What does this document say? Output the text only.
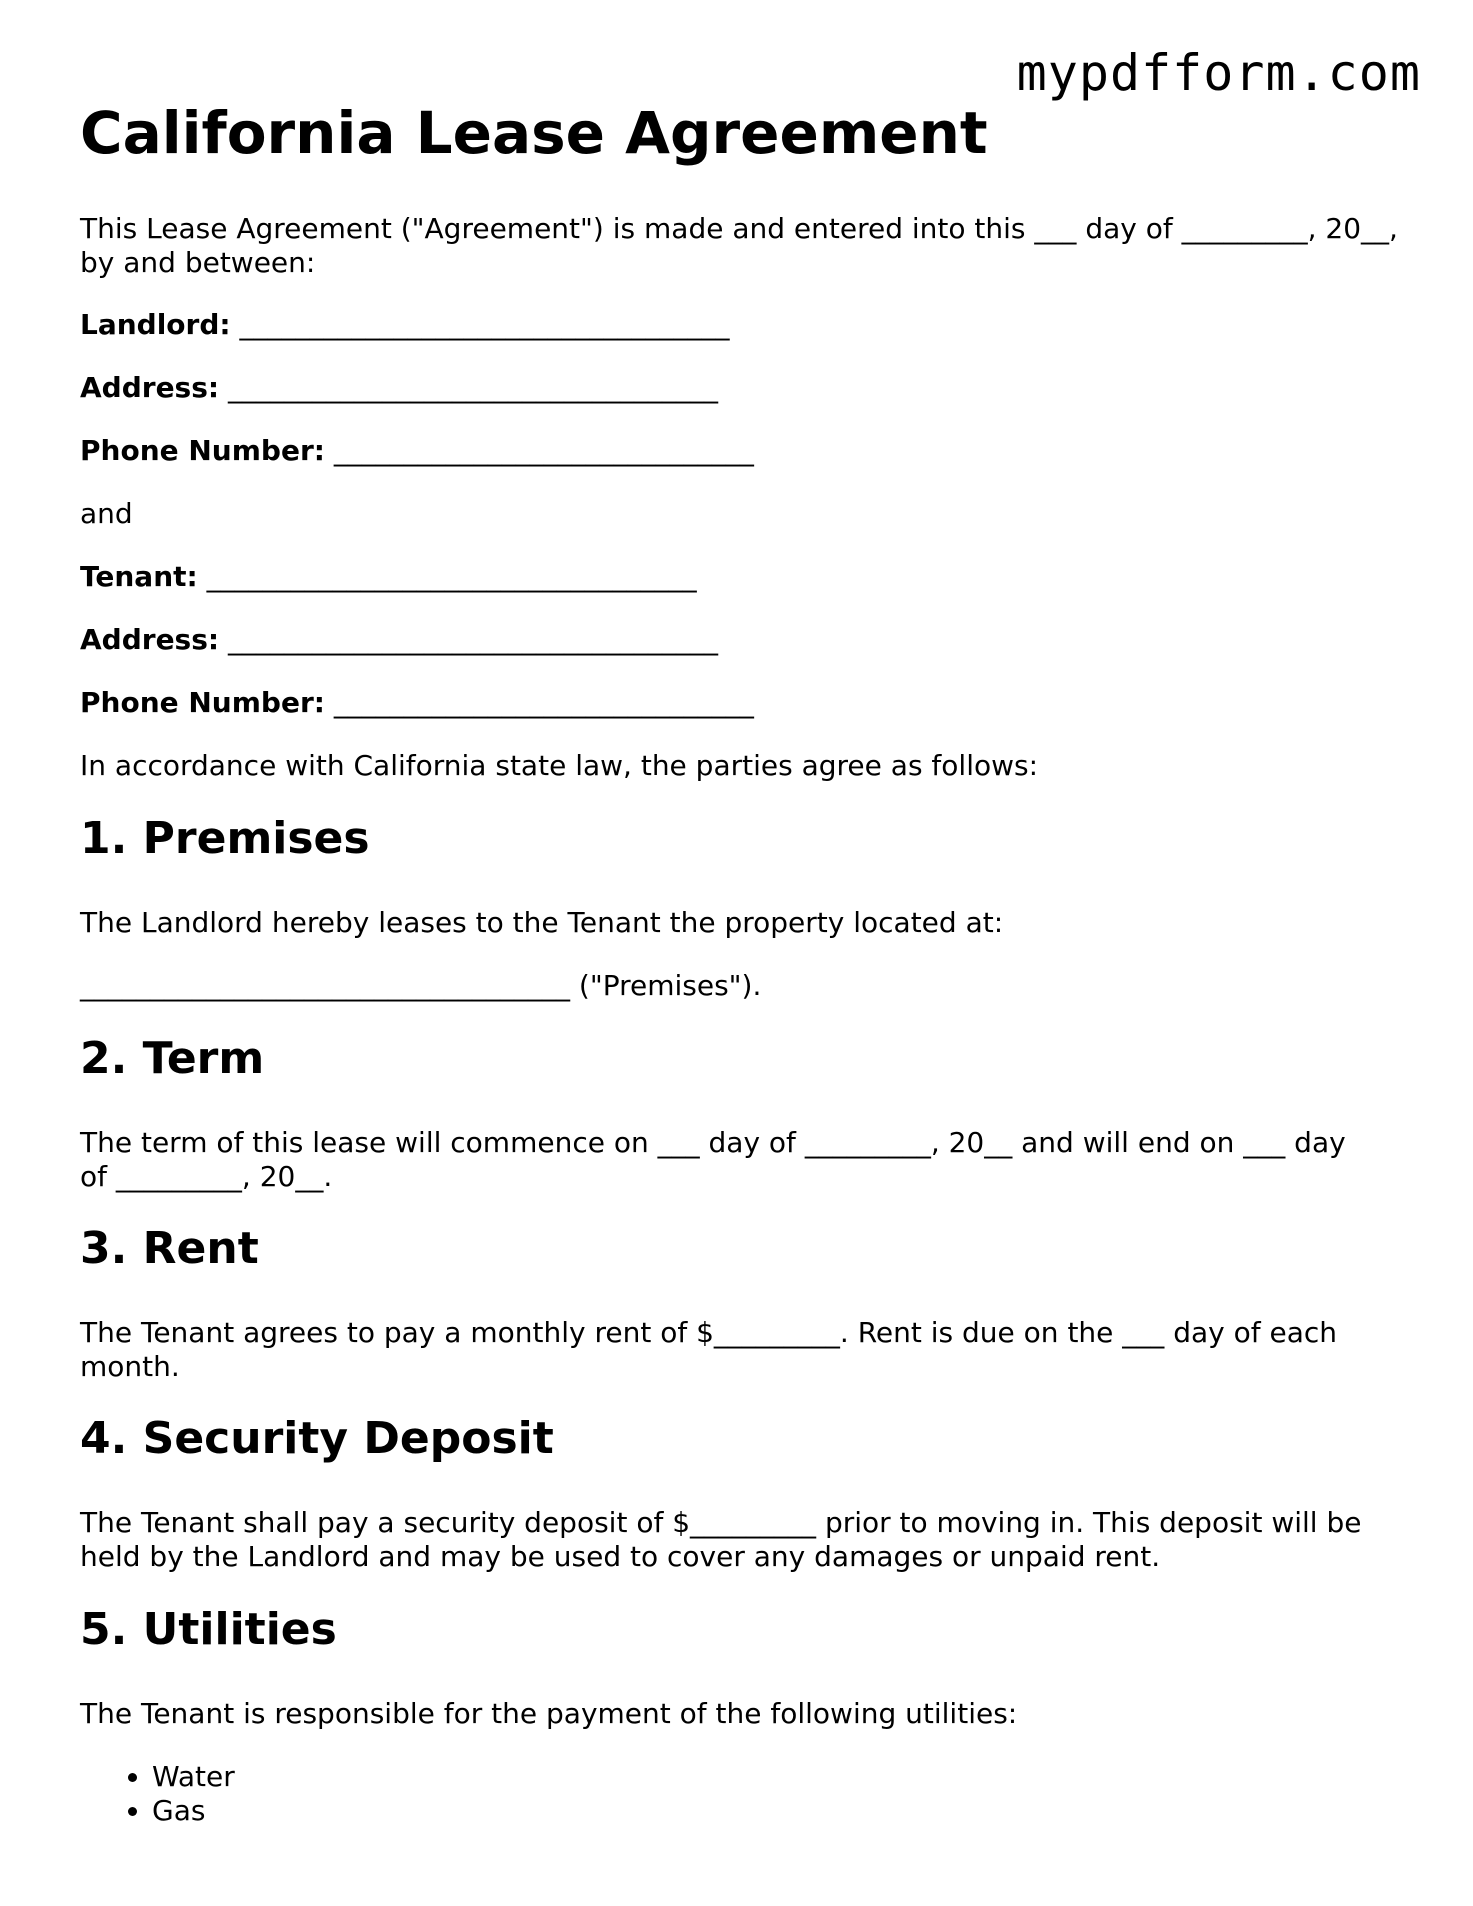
mypdfform.com
California Lease Agreement

This Lease Agreement ("Agreement") is made and entered into this ___ day of _________, 20__, by and between:

Landlord: ___________________________________

Address: ___________________________________

Phone Number: ______________________________

and

Tenant: ___________________________________

Address: ___________________________________

Phone Number: ______________________________

In accordance with California state law, the parties agree as follows:

1. Premises

The Landlord hereby leases to the Tenant the property located at:

___________________________________ ("Premises").

2. Term

The term of this lease will commence on ___ day of _________, 20__ and will end on ___ day of _________, 20__.

3. Rent

The Tenant agrees to pay a monthly rent of $_________. Rent is due on the ___ day of each month.

4. Security Deposit

The Tenant shall pay a security deposit of $_________ prior to moving in. This deposit will be held by the Landlord and may be used to cover any damages or unpaid rent.

5. Utilities

The Tenant is responsible for the payment of the following utilities:

• Water
• Gas
